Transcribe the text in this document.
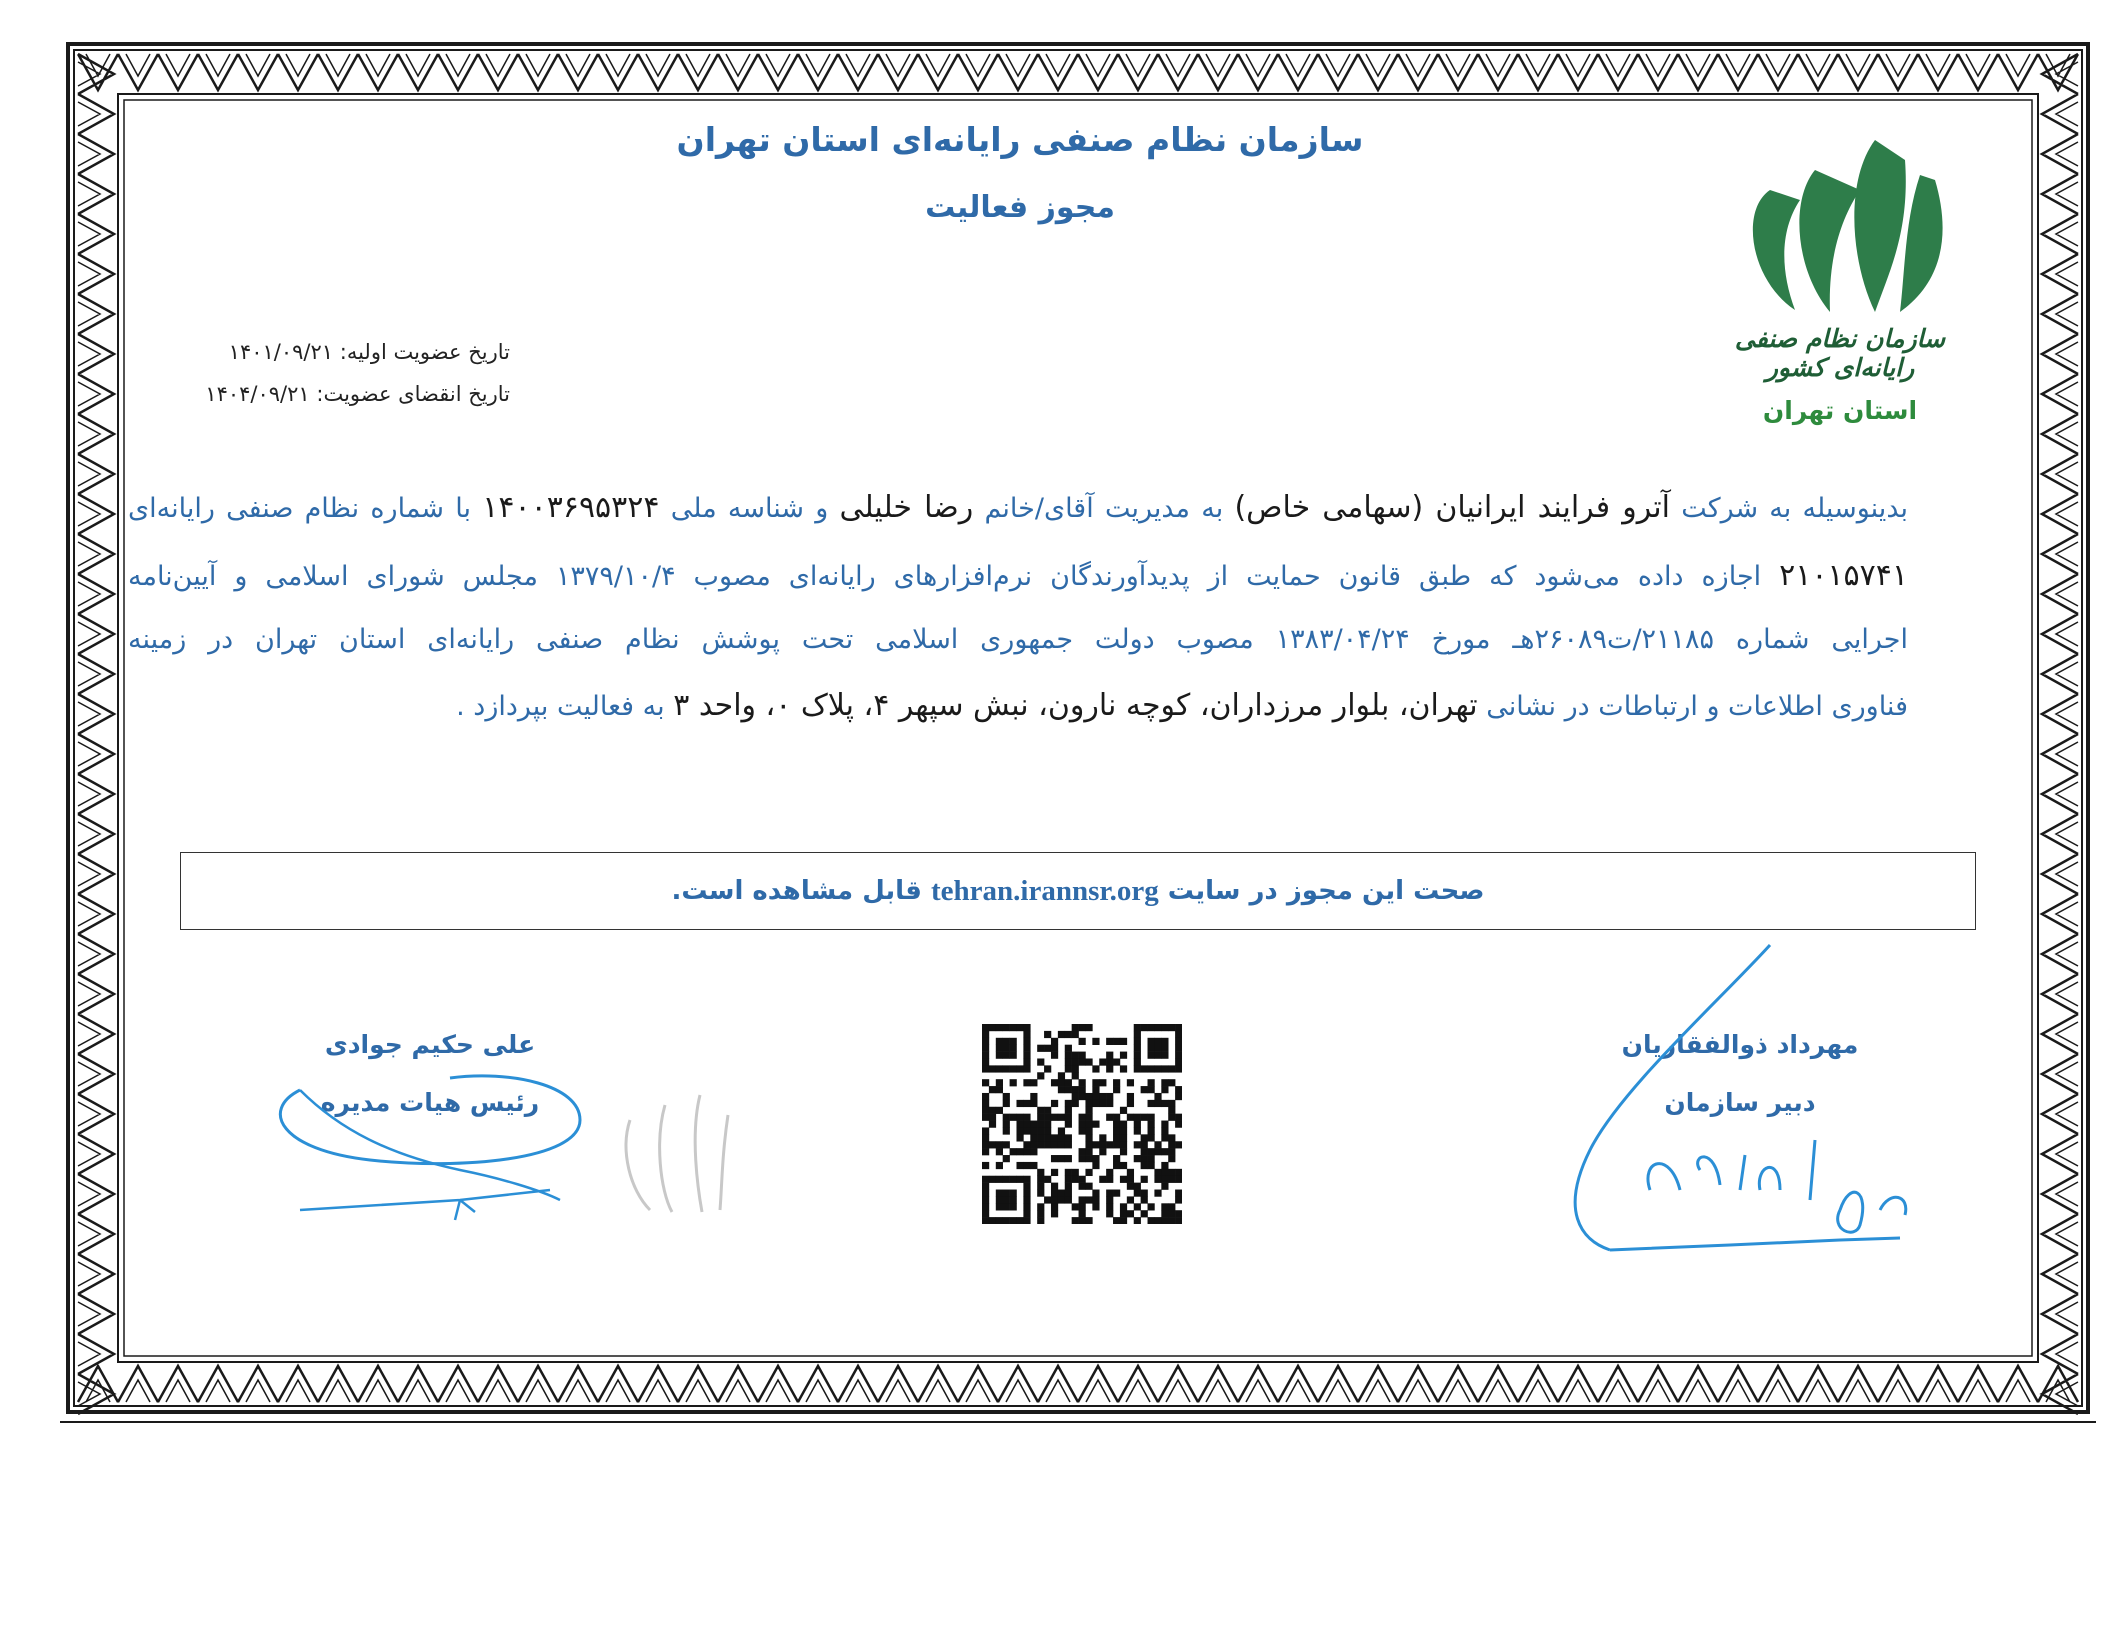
سازمان نظام صنفی رایانه‌ای کشور
استان تهران
سازمان نظام صنفی رایانه‌ای استان تهران
مجوز فعالیت
تاریخ عضویت اولیه: ۱۴۰۱/۰۹/۲۱
تاریخ انقضای عضویت: ۱۴۰۴/۰۹/۲۱
بدینوسیله به شرکت آترو فرایند ایرانیان (سهامی خاص) به مدیریت آقای/خانم رضا خلیلی و شناسه ملی ۱۴۰۰۳۶۹۵۳۲۴ با شماره نظام صنفی رایانه‌ای
۲۱۰۱۵۷۴۱ اجازه داده می‌شود که طبق قانون حمایت از پدیدآورندگان نرم‌افزارهای رایانه‌ای مصوب ۱۳۷۹/۱۰/۴ مجلس شورای اسلامی و آیین‌نامه
اجرایی شماره ۲۱۱۸۵/ت۲۶۰۸۹هـ مورخ ۱۳۸۳/۰۴/۲۴ مصوب دولت جمهوری اسلامی تحت پوشش نظام صنفی رایانه‌ای استان تهران در زمینه
فناوری اطلاعات و ارتباطات در نشانی تهران، بلوار مرزداران، کوچه نارون، نبش سپهر ۴، پلاک ۰، واحد ۳ به فعالیت بپردازد .
صحت این مجوز در سایت

tehran.irannsr.org

قابل مشاهده است.
علی حکیم جوادی
رئیس هیات مدیره
مهرداد ذوالفقاریان
دبیر سازمان
